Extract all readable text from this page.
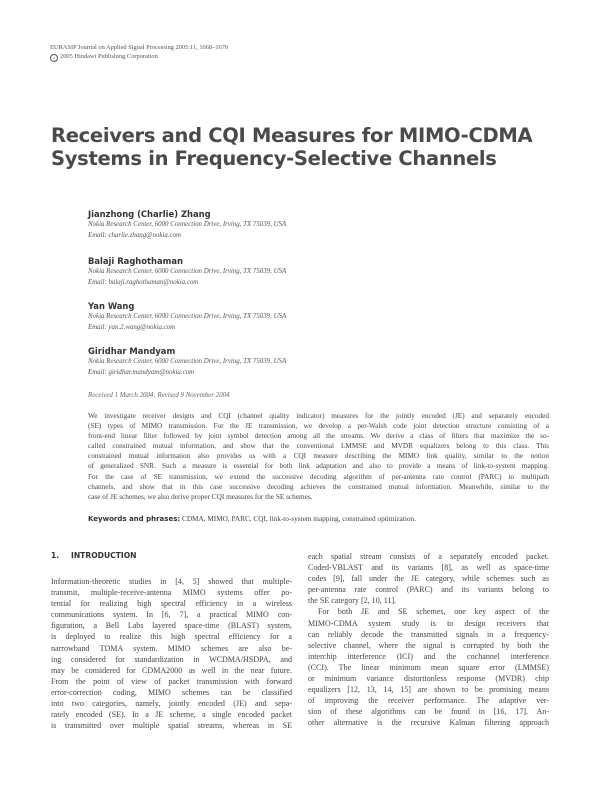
EURASIP Journal on Applied Signal Processing 2005:11, 1668–1679
c 2005 Hindawi Publishing Corporation
Receivers and CQI Measures for MIMO-CDMA
Systems in Frequency-Selective Channels
Jianzhong (Charlie) Zhang
Nokia Research Center, 6000 Connection Drive, Irving, TX 75039, USA
Email: charlie.zhang@nokia.com
Balaji Raghothaman
Nokia Research Center, 6000 Connection Drive, Irving, TX 75039, USA
Email: balaji.raghothaman@nokia.com
Yan Wang
Nokia Research Center, 6000 Connection Drive, Irving, TX 75039, USA
Email: yan.2.wang@nokia.com
Giridhar Mandyam
Nokia Research Center, 6000 Connection Drive, Irving, TX 75039, USA
Email: giridhar.mandyam@nokia.com
Received 1 March 2004; Revised 9 November 2004
We investigate receiver designs and CQI (channel quality indicator) measures for the jointly encoded (JE) and separately encoded
(SE) types of MIMO transmission. For the JE transmission, we develop a per-Walsh code joint detection structure consisting of a
front-end linear filter followed by joint symbol detection among all the streams. We derive a class of filters that maximize the so-
called constrained mutual information, and show that the conventional LMMSE and MVDR equalizers belong to this class. This
constrained mutual information also provides us with a CQI measure describing the MIMO link quality, similar to the notion
of generalized SNR. Such a measure is essential for both link adaptation and also to provide a means of link-to-system mapping.
For the case of SE transmission, we extend the successive decoding algorithm of per-antenna rate control (PARC) to multipath
channels, and show that in this case successive decoding achieves the constrained mutual information. Meanwhile, similar to the
case of JE schemes, we also derive proper CQI measures for the SE schemes.
Keywords and phrases: CDMA, MIMO, PARC, CQI, link-to-system mapping, constrained optimization.
1. INTRODUCTION
Information-theoretic studies in [4, 5] showed that multiple-
transmit, multiple-receive-antenna MIMO systems offer po-
tential for realizing high spectral efficiency in a wireless
communications system. In [6, 7], a practical MIMO con-
figuration, a Bell Labs layered space-time (BLAST) system,
is deployed to realize this high spectral efficiency for a
narrowband TDMA system. MIMO schemes are also be-
ing considered for standardization in WCDMA/HSDPA, and
may be considered for CDMA2000 as well in the near future.
From the point of view of packet transmission with forward
error-correction coding, MIMO schemes can be classified
into two categories, namely, jointly encoded (JE) and sepa-
rately encoded (SE). In a JE scheme, a single encoded packet
is transmitted over multiple spatial streams, whereas in SE
each spatial stream consists of a separately encoded packet.
Coded-VBLAST and its variants [8], as well as space-time
codes [9], fall under the JE category, while schemes such as
per-antenna rate control (PARC) and its variants belong to
the SE category [2, 10, 11].
For both JE and SE schemes, one key aspect of the
MIMO-CDMA system study is to design receivers that
can reliably decode the transmitted signals in a frequency-
selective channel, where the signal is corrupted by both the
interchip interference (ICI) and the cochannel interference
(CCI). The linear minimum mean square error (LMMSE)
or minimum variance distortionless response (MVDR) chip
equalizers [12, 13, 14, 15] are shown to be promising means
of improving the receiver performance. The adaptive ver-
sion of these algorithms can be found in [16, 17]. An-
other alternative is the recursive Kalman filtering approach
